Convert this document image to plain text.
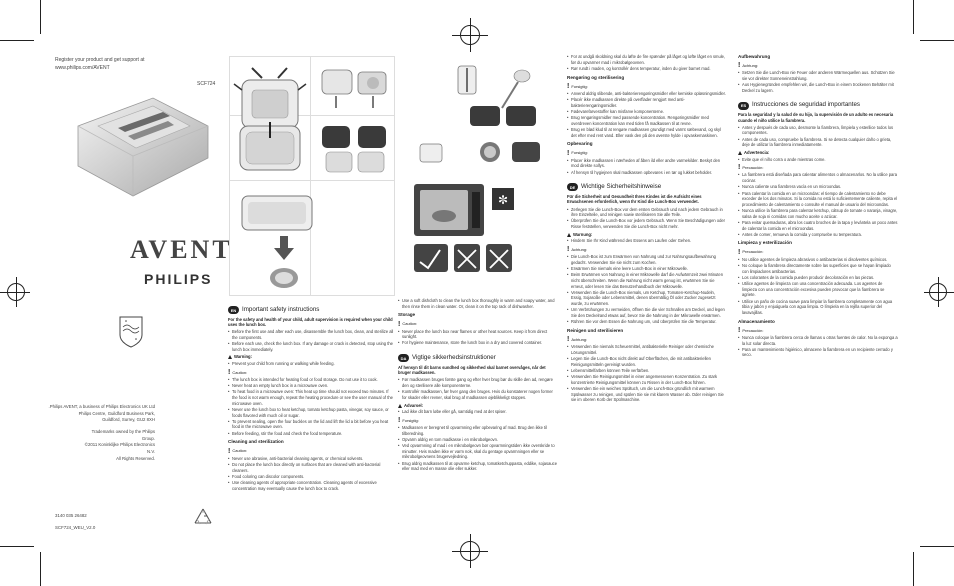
Register your product and get support at
www.philips.com/AVENT
SCF724
AVENT
PHILIPS
Philips AVENT, a business of Philips Electronics UK Ltd.
Philips Centre, Guildford Business Park,
Guildford, Surrey, GU2 8XH
Trademarks owned by the Philips Group.
©2011 Koninklijke Philips Electronics N.V.
All Rights Reserved.
3140 035 26482
SCF724_WEU_V2.0
✼
EN Important safety instructions

For the safety and health of your child, adult supervision is required when your child uses the lunch box.

• Before the first use and after each use, disassemble the lunch box, clean, and sterilize all the components.
• Before each use, check the lunch box. If any damage or crack is detected, stop using the lunch box immediately.
Warning:
• Prevent your child from running or walking while feeding.
! Caution:
• The lunch box is intended for heating food or food storage. Do not use it to cook.
• Never heat an empty lunch box in a microwave oven.
• To heat food in a microwave oven: This heat up time should not exceed two minutes. If the food is not warm enough, repeat the heating procedure or see the user manual of the microwave oven.
• Never use the lunch box to heat ketchup, tomato ketchup pasta, vinegar, soy sauce, or foods flavored with much oil or sugar.
• To prevent sealing, open the four buckles on the lid and lift the lid a bit before you heat food in the microwave oven.
• Before feeding, stir the food and check the food temperature.
Cleaning and sterilization
! Caution:
• Never use abrasive, anti-bacterial cleaning agents, or chemical solvents.
• Do not place the lunch box directly on surfaces that are cleaned with anti-bacterial cleaners.
• Food coloring can discolor components.
• Use cleaning agents of appropriate concentration. Cleaning agents of excessive concentration may eventually cause the lunch box to crack.
• Use a soft dishcloth to clean the lunch box thoroughly in warm and soapy water, and then rinse them in clean water. Or, clean it on the top rack of dishwasher.
Storage
! Caution:
• Never place the lunch box near flames or other heat sources. Keep it from direct sunlight.
• For hygiene maintenance, store the lunch box in a dry and covered container.
DA Vigtige sikkerhedsinstruktioner

Af hensyn til dit barns sundhed og sikkerhed skal barnet overvåges, når det bruger madkassen.

• Før madkassen bruges første gang og efter hver brug bør du skille den ad, rengøre den og sterilisere alle komponenterne.
• Kontrollér madkassen, før hver gang den bruges. Hvis du konstaterer nogen former for skader eller revner, skal brug af madkassen øjeblikkeligt stoppes.
Advarsel:
• Lad ikke dit barn løbe eller gå, samtidig med at det spiser.
! Forsigtig:
• Madkassen er beregnet til opvarmning eller opbevaring af mad. Brug den ikke til tilberedning.
• Opvarm aldrig en tom madkasse i en mikrobølgeovn.
• Ved opvarmning af mad i en mikrobølgeovn bør opvarmningstiden ikke overskride to minutter. Hvis maden ikke er varm nok, skal du gentage opvarmningen eller se mikrobølgeovnens brugervejledning.
• Brug aldrig madkassen til at opvarme ketchup, tomatketchuppasta, eddike, sojasauce eller mad med en masse olie eller sukker.
• For at undgå skoldning skal du løfte de fire spænder på låget og løfte låget en smule, før du opvarmer mad i mikrobølgeovnen.
• Rør rundt i maden, og kontrollér dens temperatur, inden du giver barnet mad.
Rengøring og sterilisering
! Forsigtig:
• Anvend aldrig slibende, anti-bakterierengøringsmidler eller kemiske opløsningsmidler.
• Placér ikke madkassen direkte på overflader rengjort med anti-bakterierengøringsmidler.
• Fødevarefarvestoffer kan misfarve komponenterne.
• Brug rengøringsmidler med passende koncentration. Rengøringsmidler med overdreven koncentration kan med tiden få madkassen til at revne.
• Brug en blød klud til at rengøre madkassen grundigt med varmt sæbevand, og skyl det efter med rent vand. Eller vask den på den øverste hylde i opvaskemaskinen.
Opbevaring
! Forsigtig:
• Placer ikke madkassen i nærheden af åben ild eller andre varmekilder. Beskyt den mod direkte sollys.
• Af hensyn til hygiejnen skal madkassen opbevares i en tør og lukket beholder.
DE Wichtige Sicherheitshinweise

Für die Sicherheit und Gesundheit Ihres Kindes ist die Aufsicht eines Erwachsenen erforderlich, wenn Ihr Kind die Lunch-Box verwendet.

• Zerlegen Sie die Lunch-Box vor dem ersten Gebrauch und nach jedem Gebrauch in ihre Einzelteile, und reinigen sowie sterilisieren Sie alle Teile.
• Überprüfen Sie die Lunch-Box vor jedem Gebrauch. Wenn Sie Beschädigungen oder Risse feststellen, verwenden Sie die Lunch-Box nicht mehr.
Warnung:
• Hindern Sie Ihr Kind während des Essens am Laufen oder Gehen.
! Achtung:
• Die Lunch-Box ist zum Erwärmen von Nahrung und zur Nahrungsaufbewahrung gedacht. Verwenden Sie sie nicht zum Kochen.
• Erwärmen Sie niemals eine leere Lunch-Box in einer Mikrowelle.
• Beim Erwärmen von Nahrung in einer Mikrowelle darf die Aufwärmzeit zwei Minuten nicht überschreiten. Wenn die Nahrung nicht warm genug ist, erwärmen Sie sie erneut, oder lesen Sie das Benutzerhandbuch der Mikrowelle.
• Verwenden Sie die Lunch-Box niemals, um Ketchup, Tomaten-Ketchup-Nudeln, Essig, Sojasoße oder Lebensmittel, denen übermäßig Öl oder Zucker zugesetzt wurde, zu erwärmen.
• Um Verbrühungen zu vermeiden, öffnen Sie die vier Schnallen am Deckel, und legen Sie den Deckelrand etwas auf, bevor Sie die Nahrung in der Mikrowelle erwärmen.
• Rühren Sie vor dem Essen die Nahrung um, und überprüfen Sie die Temperatur.
Reinigen und sterilisieren
! Achtung:
• Verwenden Sie niemals Scheuermittel, antibakterielle Reiniger oder chemische Lösungsmittel.
• Legen Sie die Lunch-Box nicht direkt auf Oberflächen, die mit antibakteriellen Reinigungsmitteln gereinigt wurden.
• Lebensmittelfarben können Teile verfärben.
• Verwenden Sie Reinigungsmittel in einer angemessenen Konzentration. Zu stark konzentrierte Reinigungsmittel können zu Rissen in der Lunch-Box führen.
• Verwenden Sie ein weiches Spültuch, um die Lunch-Box gründlich mit warmem Spülwasser zu reinigen, und spülen Sie sie mit klarem Wasser ab. Oder reinigen Sie sie im oberen Korb der Spülmaschine.
Aufbewahrung
! Achtung:
• Setzen Sie die Lunch-Box nie Feuer oder anderen Wärmequellen aus. Schützen Sie sie vor direkter Sonneneinstrahlung.
• Aus Hygienegründen empfehlen wir, die Lunch-Box in einem trockenen Behälter mit Deckel zu lagern.
ES Instrucciones de seguridad importantes

Para la seguridad y la salud de su hijo, la supervisión de un adulto es necesaria cuando el niño utilice la fiambrera.

• Antes y después de cada uso, desmonte la fiambrera, límpiela y esterilice todos los componentes.
• Antes de cada uso, compruebe la fiambrera. Si se detecta cualquier daño o grieta, deje de utilizar la fiambrera inmediatamente.
Advertencia:
• Evite que el niño corra o ande mientras come.
! Precaución:
• La fiambrera está diseñada para calentar alimentos o almacenarlos. No la utilice para cocinar.
• Nunca caliente una fiambrera vacía en un microondas.
• Para calentar la comida en un microondas: el tiempo de calentamiento no debe exceder de los dos minutos. Si la comida no está lo suficientemente caliente, repita el procedimiento de calentamiento o consulte el manual de usuario del microondas.
• Nunca utilice la fiambrera para calentar ketchup, cátsup de tomate o naranja, vinagre, salsa de soja ni comidas con mucho aceite o azúcar.
• Para evitar quemaduras, abra los cuatro broches de la tapa y levántela un poco antes de calentar la comida en el microondas.
• Antes de comer, remueva la comida y compruebe su temperatura.
Limpieza y esterilización
! Precaución:
• No utilice agentes de limpieza abrasivos o antibacterias ni disolventes químicos.
• No coloque la fiambrera directamente sobre las superficies que se hayan limpiado con limpiadores antibacterias.
• Los colorantes de la comida pueden producir decoloración en las piezas.
• Utilice agentes de limpieza con una concentración adecuada. Los agentes de limpieza con una concentración excesiva pueden provocar que la fiambrera se agriete.
• Utilice un paño de cocina suave para limpiar la fiambrera completamente con agua tibia y jabón y enjuáguela con agua limpia. O límpiela en la rejilla superior del lavavajillas.
Almacenamiento
! Precaución:
• Nunca coloque la fiambrera cerca de llamas u otras fuentes de calor. No la exponga a la luz solar directa.
• Para un mantenimiento higiénico, almacene la fiambrera en un recipiente cerrado y seco.
